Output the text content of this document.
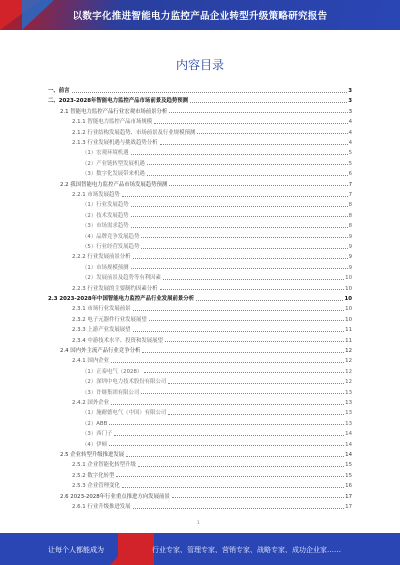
以数字化推进智能电力监控产品企业转型升级策略研究报告
内容目录
一、前言	3
二、2023-2028年智能电力监控产品市场前景及趋势预测	3
2.1 智能电力监控产品行业宏观市场前景分析	3
2.1.1 智能电力监控产品市场规模	4
2.1.2 行业结构发展趋势、市场前景及行业规模预测	4
2.1.3 行业发展机遇与挑战趋势分析	4
（1）宏观环境机遇	5
（2）产业链转型发展机遇	5
（3）数字化发展带来机遇	6
2.2 我国智能电力监控产品市场发展趋势预测	7
2.2.1 市场发展趋势	7
（1）行业发展趋势	8
（2）技术发展趋势	8
（3）市场需求趋势	8
（4）品牌竞争发展趋势	9
（5）行业经营发展趋势	9
2.2.2 行业发展前景分析	9
（1）市场规模预测	9
（2）发展前景及趋势等有利因素	10
2.2.3 行业发展的主要制约因素分析	10
2.3 2023-2028年中国智能电力监控产品行业发展前景分析	10
2.3.1 市场行业发展前景	10
2.3.2 电子元器件行业发展展望	10
2.3.3 上游产业发展展望	11
2.3.4 中游技术水平、投资和发展展望	11
2.4 国内外主流产品行业竞争分析	12
2.4.1 国内企业	12
（1）正泰电气（2028）	12
（2）深圳中电力技术股份有限公司	12
（3）许继集团有限公司	13
2.4.2 国外企业	13
（1）施耐德电气（中国）有限公司	13
（2）ABB	13
（3）西门子	14
（4）伊顿	14
2.5 企业转型升级推进发展	14
2.5.1 企业智能化转型升级	15
2.5.2 数字化转型	15
2.5.3 企业管理变化	16
2.6 2023-2028年行业重点推进方向发展前景	17
2.6.1 行业升级推进发展	17
1
让每个人都能成为	行业专家、管理专家、营销专家、战略专家、成功企业家……
